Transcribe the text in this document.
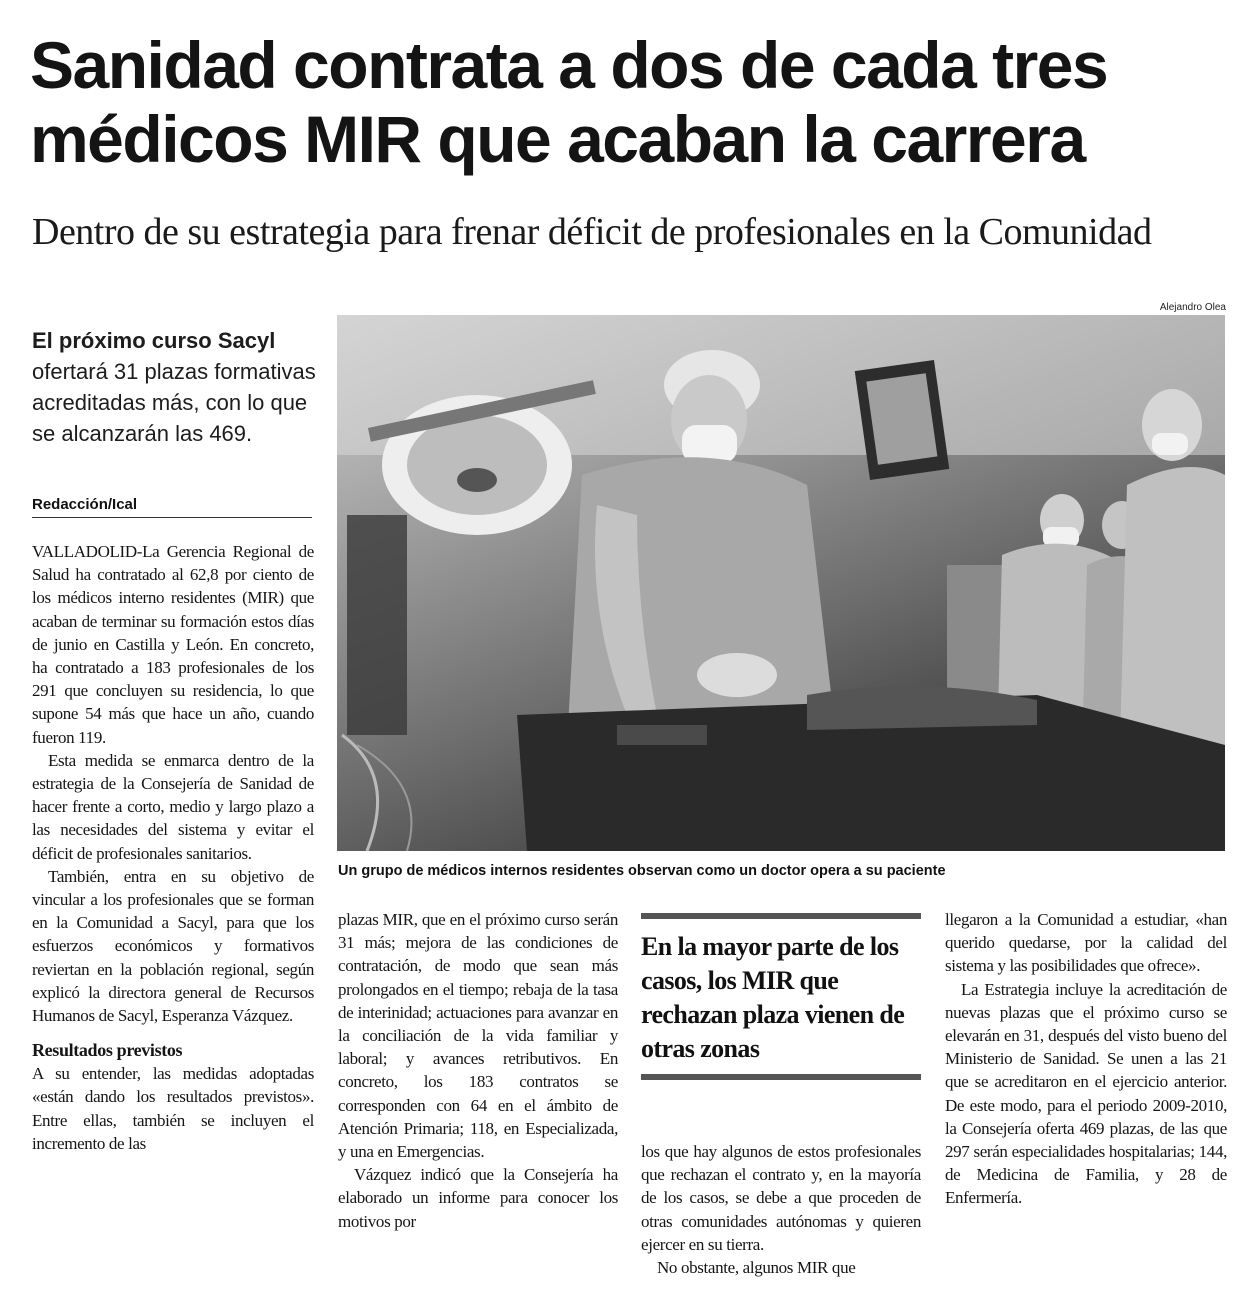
Sanidad contrata a dos de cada tres
médicos MIR que acaban la carrera
Dentro de su estrategia para frenar déficit de profesionales en la Comunidad
Alejandro Olea
Un grupo de médicos internos residentes observan como un doctor opera a su paciente
El próximo curso Sacyl ofertará 31 plazas formativas acreditadas más, con lo que se alcanzarán las 469.
Redacción/Ical

VALLADOLID-La Gerencia Regional de Salud ha contratado al 62,8 por ciento de los médicos interno residentes (MIR) que acaban de terminar su formación estos días de junio en Castilla y León. En concreto, ha contratado a 183 profesionales de los 291 que concluyen su residencia, lo que supone 54 más que hace un año, cuando fueron 119.

Esta medida se enmarca dentro de la estrategia de la Consejería de Sanidad de hacer frente a corto, medio y largo plazo a las necesidades del sistema y evitar el déficit de profesionales sanitarios.

También, entra en su objetivo de vincular a los profesionales que se forman en la Comunidad a Sacyl, para que los esfuerzos económicos y formativos reviertan en la población regional, según explicó la directora general de Recursos Humanos de Sacyl, Esperanza Vázquez.

Resultados previstos

A su entender, las medidas adoptadas «están dando los resultados previstos». Entre ellas, también se incluyen el incremento de las

plazas MIR, que en el próximo curso serán 31 más; mejora de las condiciones de contratación, de modo que sean más prolongados en el tiempo; rebaja de la tasa de interinidad; actuaciones para avanzar en la conciliación de la vida familiar y laboral; y avances retributivos. En concreto, los 183 contratos se corresponden con 64 en el ámbito de Atención Primaria; 118, en Especializada, y una en Emergencias.

Vázquez indicó que la Consejería ha elaborado un informe para conocer los motivos por

En la mayor parte de los casos, los MIR que rechazan plaza vienen de otras zonas

los que hay algunos de estos profesionales que rechazan el contrato y, en la mayoría de los casos, se debe a que proceden de otras comunidades autónomas y quieren ejercer en su tierra.

No obstante, algunos MIR que

llegaron a la Comunidad a estudiar, «han querido quedarse, por la calidad del sistema y las posibilidades que ofrece».

La Estrategia incluye la acreditación de nuevas plazas que el próximo curso se elevarán en 31, después del visto bueno del Ministerio de Sanidad. Se unen a las 21 que se acreditaron en el ejercicio anterior. De este modo, para el periodo 2009-2010, la Consejería oferta 469 plazas, de las que 297 serán especialidades hospitalarias; 144, de Medicina de Familia, y 28 de Enfermería.
